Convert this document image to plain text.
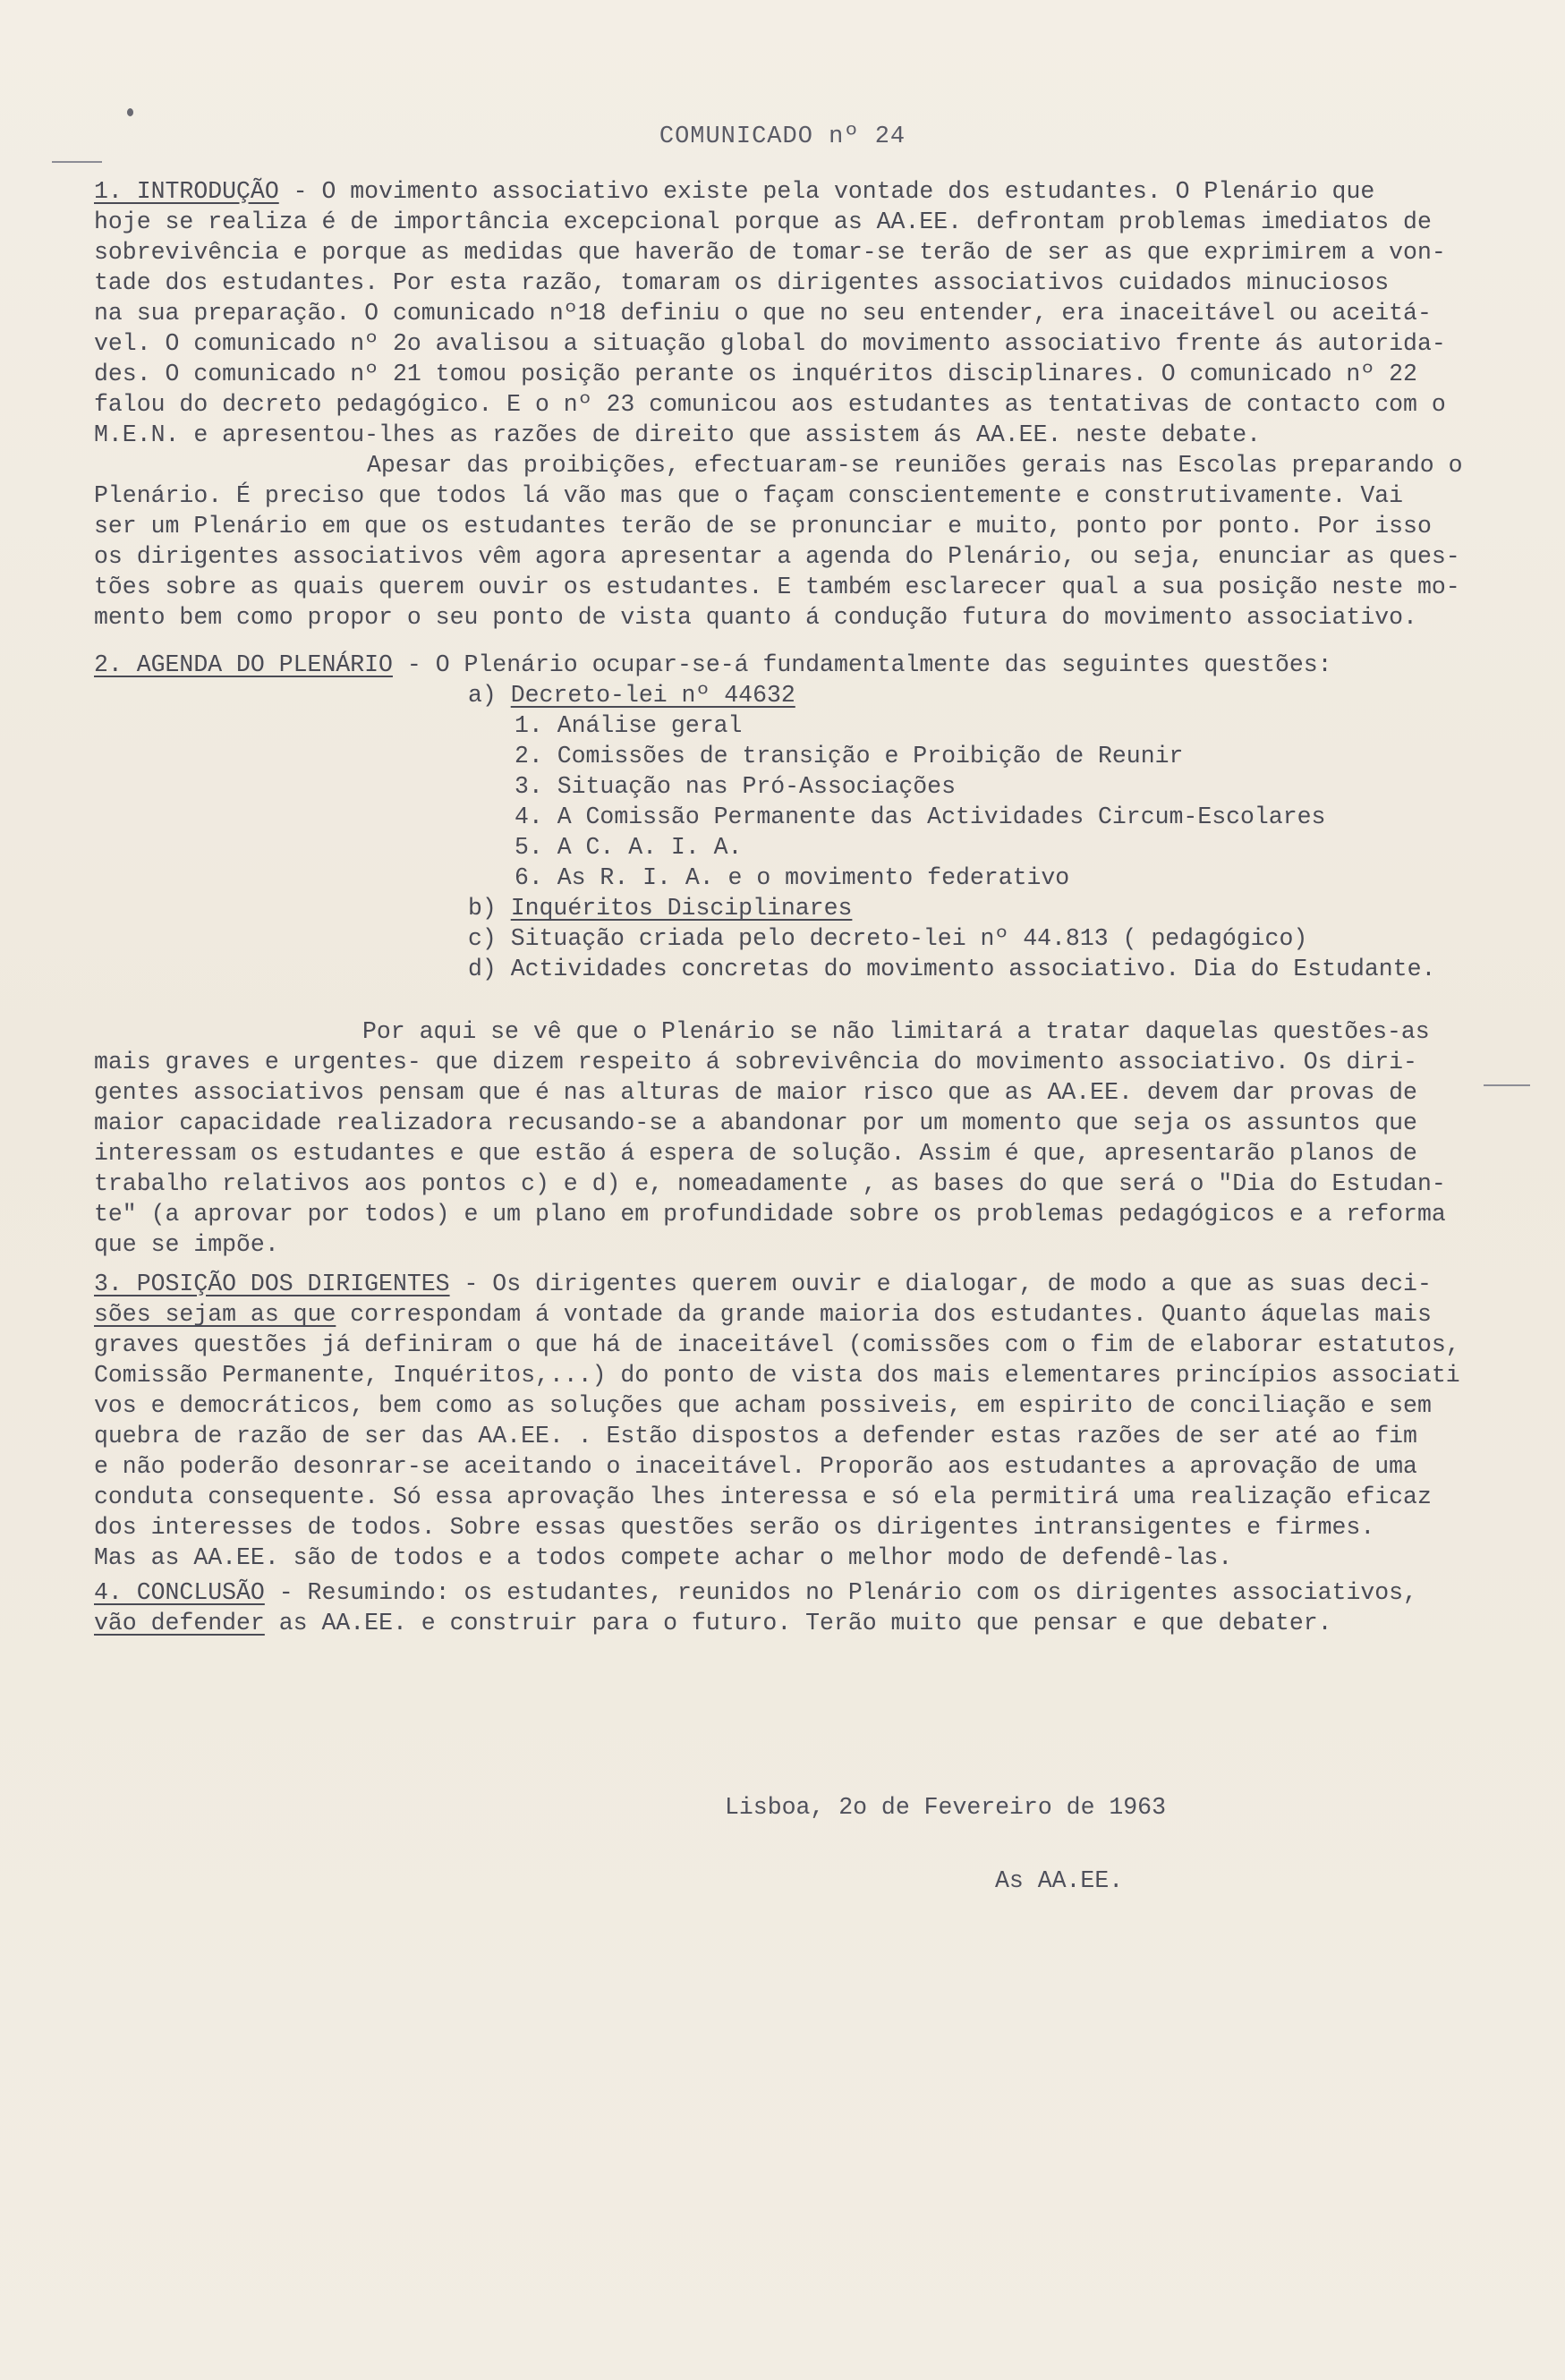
COMUNICADO nº 24
1. INTRODUÇÃO - O movimento associativo existe pela vontade dos estudantes. O Plenário que
hoje se realiza é de importância excepcional porque as AA.EE. defrontam problemas imediatos de
sobrevivência e porque as medidas que haverão de tomar-se terão de ser as que exprimirem a von-
tade dos estudantes. Por esta razão, tomaram os dirigentes associativos cuidados minuciosos
na sua preparação. O comunicado nº18 definiu o que no seu entender, era inaceitável ou aceitá-
vel. O comunicado nº 2o avalisou a situação global do movimento associativo frente ás autorida-
des. O comunicado nº 21 tomou posição perante os inquéritos disciplinares. O comunicado nº 22
falou do decreto pedagógico. E o nº 23 comunicou aos estudantes as tentativas de contacto com o
M.E.N. e apresentou-lhes as razões de direito que assistem ás AA.EE. neste debate.
Apesar das proibições, efectuaram-se reuniões gerais nas Escolas preparando o
Plenário. É preciso que todos lá vão mas que o façam conscientemente e construtivamente. Vai
ser um Plenário em que os estudantes terão de se pronunciar e muito, ponto por ponto. Por isso
os dirigentes associativos vêm agora apresentar a agenda do Plenário, ou seja, enunciar as ques-
tões sobre as quais querem ouvir os estudantes. E também esclarecer qual a sua posição neste mo-
mento bem como propor o seu ponto de vista quanto á condução futura do movimento associativo.
2. AGENDA DO PLENÁRIO - O Plenário ocupar-se-á fundamentalmente das seguintes questões:
a) Decreto-lei nº 44632
1. Análise geral
2. Comissões de transição e Proibição de Reunir
3. Situação nas Pró-Associações
4. A Comissão Permanente das Actividades Circum-Escolares
5. A C. A. I. A.
6. As R. I. A. e o movimento federativo
b) Inquéritos Disciplinares
c) Situação criada pelo decreto-lei nº 44.813 ( pedagógico)
d) Actividades concretas do movimento associativo. Dia do Estudante.
Por aqui se vê que o Plenário se não limitará a tratar daquelas questões-as
mais graves e urgentes- que dizem respeito á sobrevivência do movimento associativo. Os diri-
gentes associativos pensam que é nas alturas de maior risco que as AA.EE. devem dar provas de
maior capacidade realizadora recusando-se a abandonar por um momento que seja os assuntos que
interessam os estudantes e que estão á espera de solução. Assim é que, apresentarão planos de
trabalho relativos aos pontos c) e d) e, nomeadamente , as bases do que será o "Dia do Estudan-
te" (a aprovar por todos) e um plano em profundidade sobre os problemas pedagógicos e a reforma
que se impõe.
3. POSIÇÃO DOS DIRIGENTES - Os dirigentes querem ouvir e dialogar, de modo a que as suas deci-
sões sejam as que correspondam á vontade da grande maioria dos estudantes. Quanto áquelas mais
graves questões já definiram o que há de inaceitável (comissões com o fim de elaborar estatutos,
Comissão Permanente, Inquéritos,...) do ponto de vista dos mais elementares princípios associati
vos e democráticos, bem como as soluções que acham possiveis, em espirito de conciliação e sem
quebra de razão de ser das AA.EE. . Estão dispostos a defender estas razões de ser até ao fim
e não poderão desonrar-se aceitando o inaceitável. Proporão aos estudantes a aprovação de uma
conduta consequente. Só essa aprovação lhes interessa e só ela permitirá uma realização eficaz
dos interesses de todos. Sobre essas questões serão os dirigentes intransigentes e firmes.
Mas as AA.EE. são de todos e a todos compete achar o melhor modo de defendê-las.
4. CONCLUSÃO - Resumindo: os estudantes, reunidos no Plenário com os dirigentes associativos,
vão defender as AA.EE. e construir para o futuro. Terão muito que pensar e que debater.
Lisboa, 2o de Fevereiro de 1963
As AA.EE.
